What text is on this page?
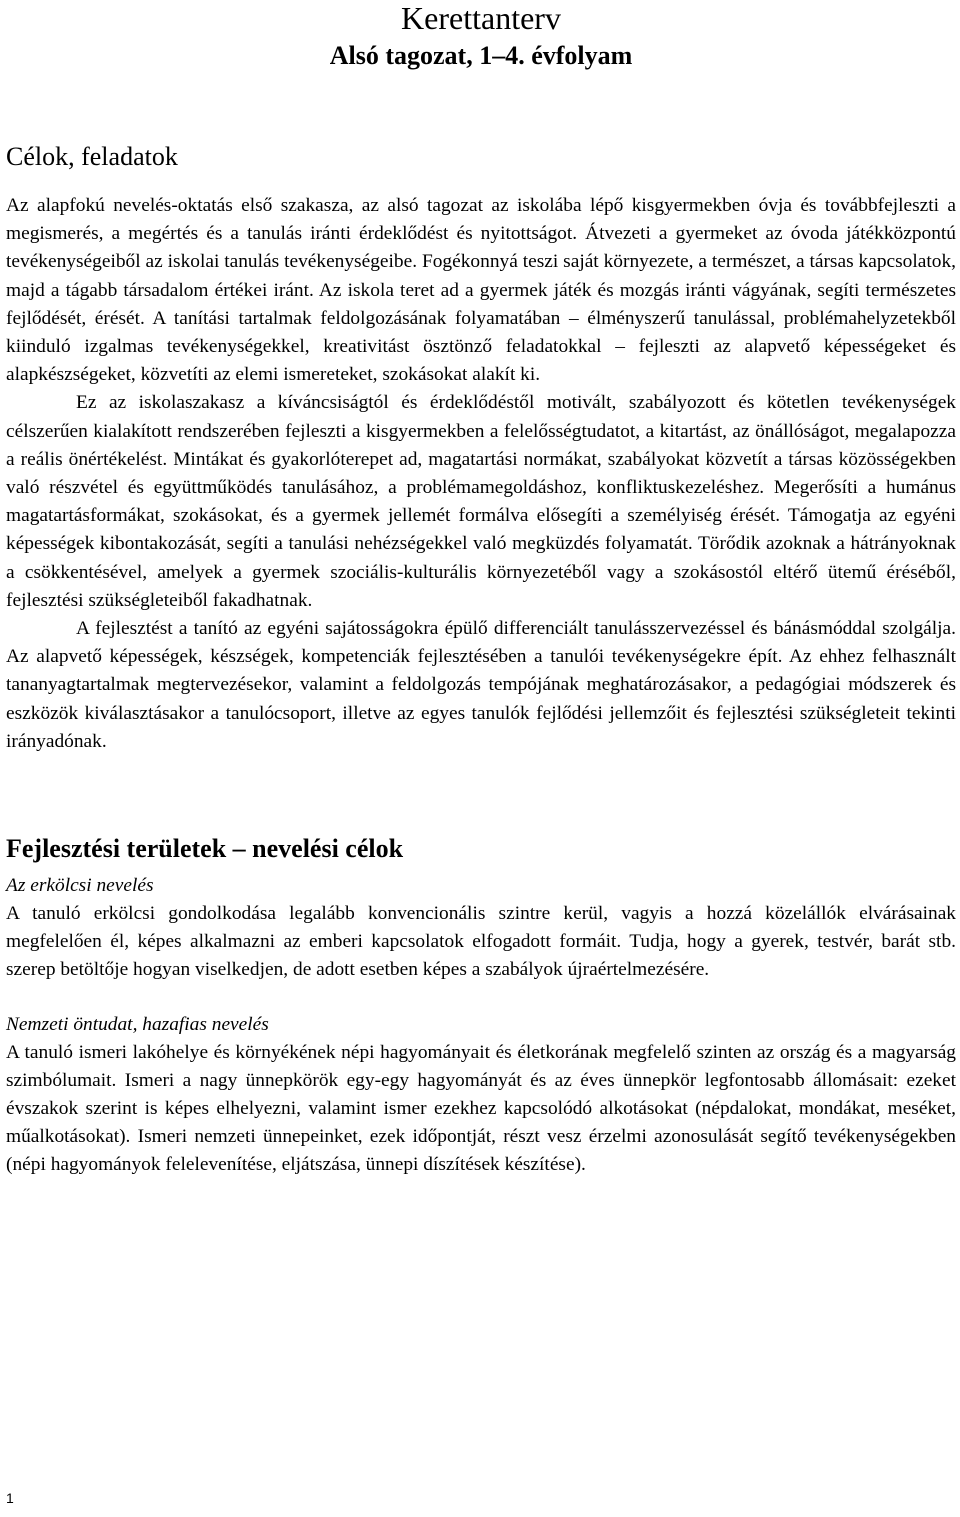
Kerettanterv
Alsó tagozat, 1–4. évfolyam
Célok, feladatok

Az alapfokú nevelés-oktatás első szakasza, az alsó tagozat az iskolába lépő kisgyermekben óvja és továbbfejleszti a megismerés, a megértés és a tanulás iránti érdeklődést és nyitottságot. Átvezeti a gyermeket az óvoda játékközpontú tevékenységeiből az iskolai tanulás tevékenységeibe. Fogékonnyá teszi saját környezete, a természet, a társas kapcsolatok, majd a tágabb társadalom értékei iránt. Az iskola teret ad a gyermek játék és mozgás iránti vágyának, segíti természetes fejlődését, érését. A tanítási tartalmak feldolgozásának folyamatában – élményszerű tanulással, problémahelyzetekből kiinduló izgalmas tevékenységekkel, kreativitást ösztönző feladatokkal – fejleszti az alapvető képességeket és alapkészségeket, közvetíti az elemi ismereteket, szokásokat alakít ki.

Ez az iskolaszakasz a kíváncsiságtól és érdeklődéstől motivált, szabályozott és kötetlen tevékenységek célszerűen kialakított rendszerében fejleszti a kisgyermekben a felelősségtudatot, a kitartást, az önállóságot, megalapozza a reális önértékelést. Mintákat és gyakorlóterepet ad, magatartási normákat, szabályokat közvetít a társas közösségekben való részvétel és együttműködés tanulásához, a problémamegoldáshoz, konfliktuskezeléshez. Megerősíti a humánus magatartásformákat, szokásokat, és a gyermek jellemét formálva elősegíti a személyiség érését. Támogatja az egyéni képességek kibontakozását, segíti a tanulási nehézségekkel való megküzdés folyamatát. Törődik azoknak a hátrányoknak a csökkentésével, amelyek a gyermek szociális-kulturális környezetéből vagy a szokásostól eltérő ütemű éréséből, fejlesztési szükségleteiből fakadhatnak.

A fejlesztést a tanító az egyéni sajátosságokra épülő differenciált tanulásszervezéssel és bánásmóddal szolgálja. Az alapvető képességek, készségek, kompetenciák fejlesztésében a tanulói tevékenységekre épít. Az ehhez felhasznált tananyagtartalmak megtervezésekor, valamint a feldolgozás tempójának meghatározásakor, a pedagógiai módszerek és eszközök kiválasztásakor a tanulócsoport, illetve az egyes tanulók fejlődési jellemzőit és fejlesztési szükségleteit tekinti irányadónak.

Fejlesztési területek – nevelési célok
Az erkölcsi nevelés

A tanuló erkölcsi gondolkodása legalább konvencionális szintre kerül, vagyis a hozzá közelállók elvárásainak megfelelően él, képes alkalmazni az emberi kapcsolatok elfogadott formáit. Tudja, hogy a gyerek, testvér, barát stb. szerep betöltője hogyan viselkedjen, de adott esetben képes a szabályok újraértelmezésére.

Nemzeti öntudat, hazafias nevelés

A tanuló ismeri lakóhelye és környékének népi hagyományait és életkorának megfelelő szinten az ország és a magyarság szimbólumait. Ismeri a nagy ünnepkörök egy-egy hagyományát és az éves ünnepkör legfontosabb állomásait: ezeket évszakok szerint is képes elhelyezni, valamint ismer ezekhez kapcsolódó alkotásokat (népdalokat, mondákat, meséket, műalkotásokat). Ismeri nemzeti ünnepeinket, ezek időpontját, részt vesz érzelmi azonosulását segítő tevékenységekben (népi hagyományok felelevenítése, eljátszása, ünnepi díszítések készítése).

1
